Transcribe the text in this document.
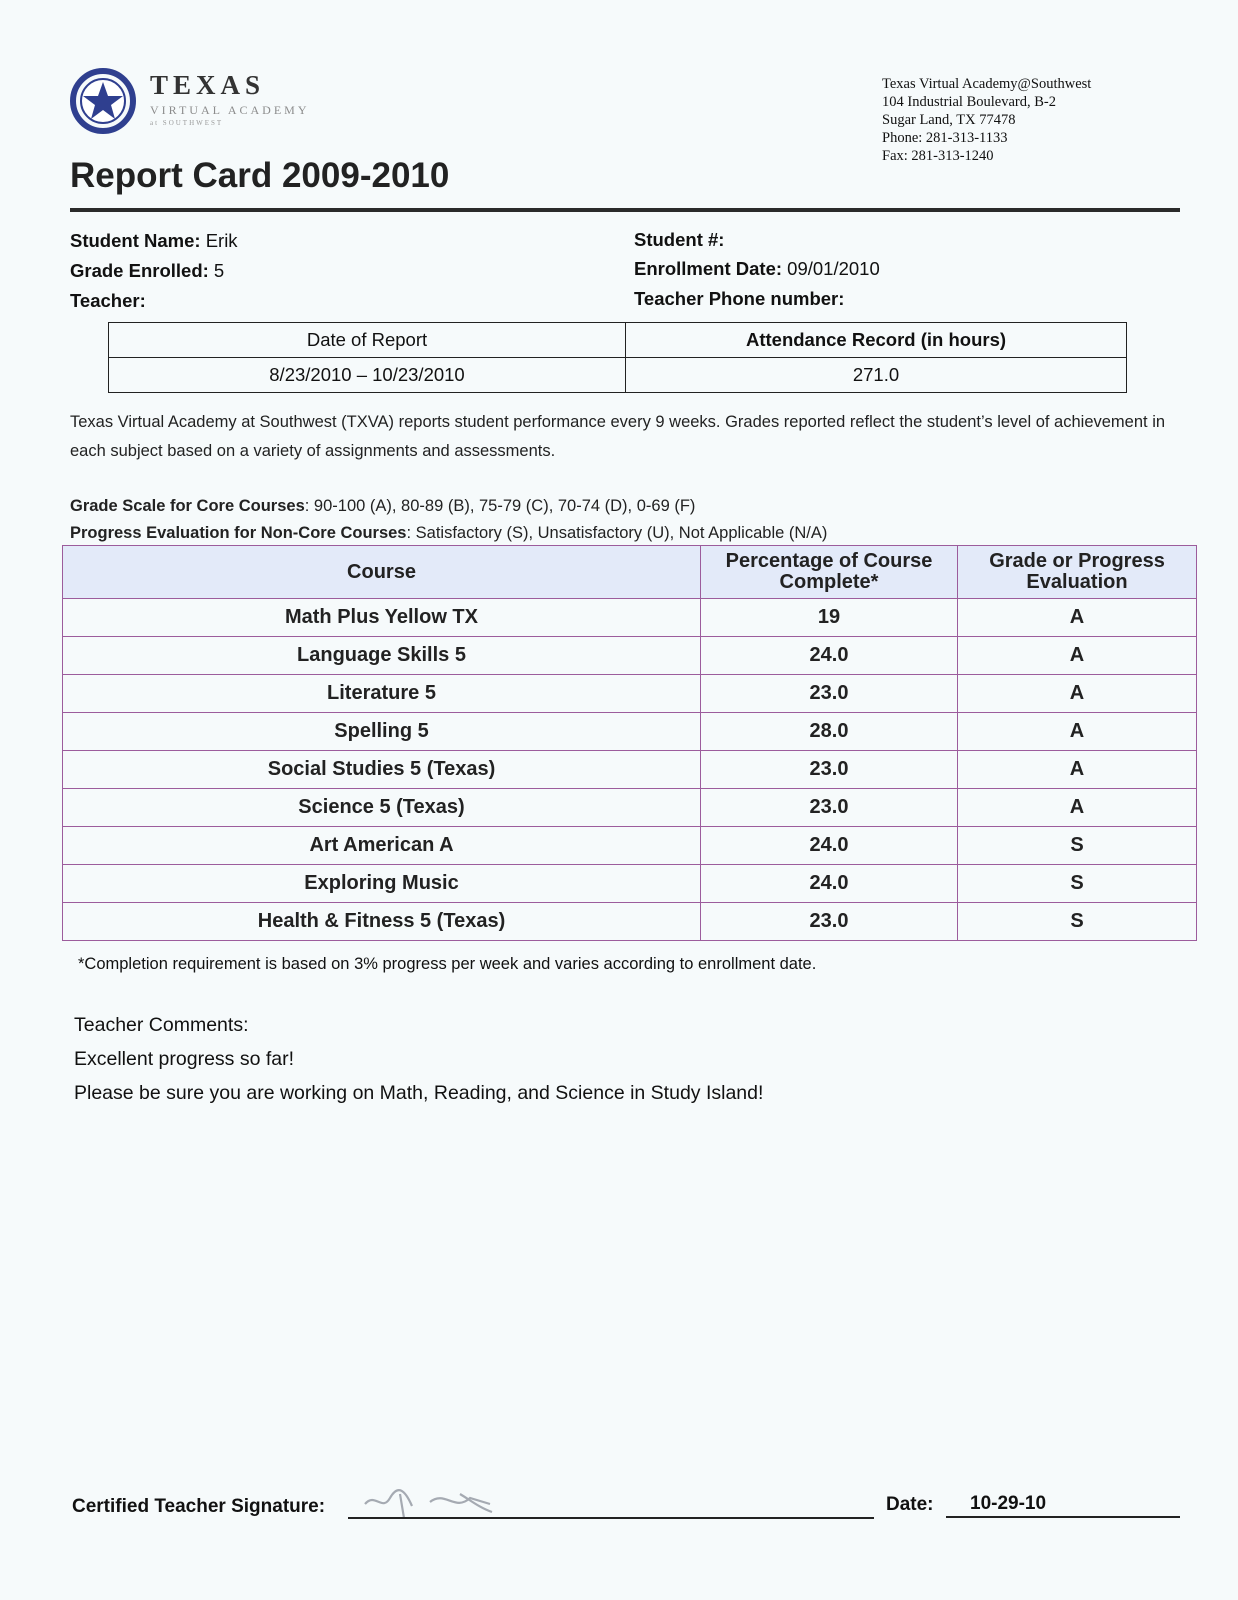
TEXAS
VIRTUAL ACADEMY
at SOUTHWEST
Texas Virtual Academy@Southwest
104 Industrial Boulevard, B-2
Sugar Land, TX 77478
Phone: 281-313-1133
Fax: 281-313-1240
Report Card 2009-2010
Student Name: Erik
Grade Enrolled: 5
Teacher:
Student #:
Enrollment Date: 09/01/2010
Teacher Phone number:
Date of Report	Attendance Record (in hours)
8/23/2010 – 10/23/2010	271.0
Texas Virtual Academy at Southwest (TXVA) reports student performance every 9 weeks. Grades reported reflect the student’s level of achievement in each subject based on a variety of assignments and assessments.
Grade Scale for Core Courses: 90-100 (A), 80-89 (B), 75-79 (C), 70-74 (D), 0-69 (F)
Progress Evaluation for Non-Core Courses: Satisfactory (S), Unsatisfactory (U), Not Applicable (N/A)
Course	Percentage of Course Complete*	Grade or Progress Evaluation
Math Plus Yellow TX	19	A
Language Skills 5	24.0	A
Literature 5	23.0	A
Spelling 5	28.0	A
Social Studies 5 (Texas)	23.0	A
Science 5 (Texas)	23.0	A
Art American A	24.0	S
Exploring Music	24.0	S
Health & Fitness 5 (Texas)	23.0	S
*Completion requirement is based on 3% progress per week and varies according to enrollment date.
Teacher Comments:
Excellent progress so far!
Please be sure you are working on Math, Reading, and Science in Study Island!
Certified Teacher Signature:	Date: 10-29-10
